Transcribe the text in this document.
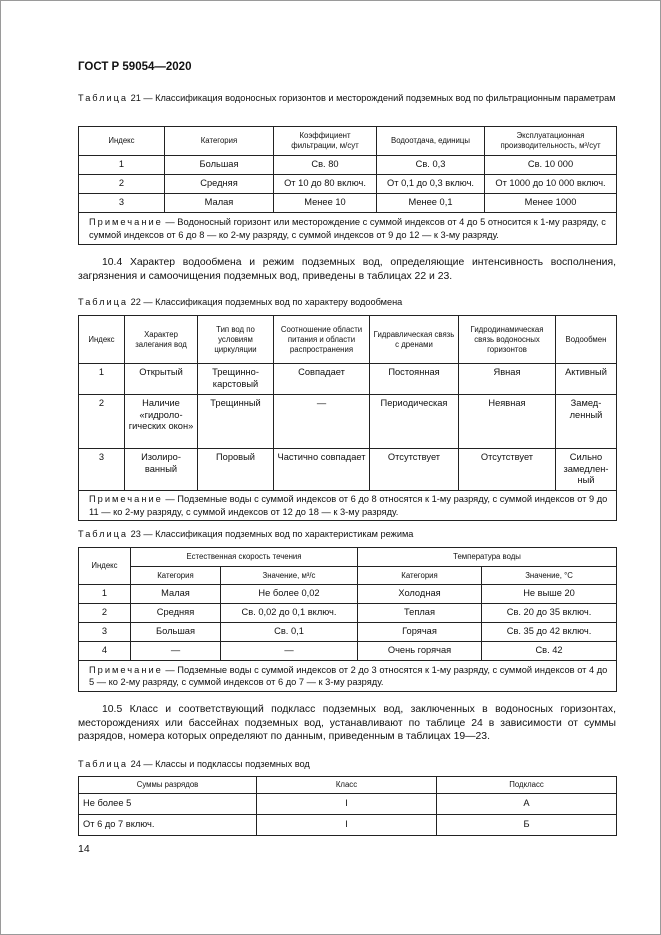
ГОСТ Р 59054—2020
Таблица 21 — Классификация водоносных горизонтов и месторождений подземных вод по фильтрационным параметрам
Индекс	Категория	Коэффициент фильтрации, м/сут	Водоотдача, единицы	Эксплуатационная производительность, м³/сут
1	Большая	Св. 80	Св. 0,3	Св. 10 000
2	Средняя	От 10 до 80 включ.	От 0,1 до 0,3 включ.	От 1000 до 10 000 включ.
3	Малая	Менее 10	Менее 0,1	Менее 1000
Примечание — Водоносный горизонт или месторождение с суммой индексов от 4 до 5 относится к 1-му разряду, с суммой индексов от 6 до 8 — ко 2-му разряду, с суммой индексов от 9 до 12 — к 3-му разряду.				
10.4 Характер водообмена и режим подземных вод, определяющие интенсивность восполнения, загрязнения и самоочищения подземных вод, приведены в таблицах 22 и 23.
Таблица 22 — Классификация подземных вод по характеру водообмена
Индекс	Характер залегания вод	Тип вод по условиям циркуляции	Соотношение области питания и области распространения	Гидравлическая связь с дренами	Гидродинамическая связь водоносных горизонтов	Водообмен
1	Открытый	Трещинно-карстовый	Совпадает	Постоянная	Явная	Активный
2	Наличие «гидроло-гических окон»	Трещинный	—	Периодическая	Неявная	Замед-ленный
3	Изолиро-ванный	Поровый	Частично совпадает	Отсутствует	Отсутствует	Сильно замедлен-ный
Примечание — Подземные воды с суммой индексов от 6 до 8 относятся к 1-му разряду, с суммой индексов от 9 до 11 — ко 2-му разряду, с суммой индексов от 12 до 18 — к 3-му разряду.						
Таблица 23 — Классификация подземных вод по характеристикам режима
Индекс	Естественная скорость течения		Температура воды	
	Категория	Значение, м³/с	Категория	Значение, °С
1	Малая	Не более 0,02	Холодная	Не выше 20
2	Средняя	Св. 0,02 до 0,1 включ.	Теплая	Св. 20 до 35 включ.
3	Большая	Св. 0,1	Горячая	Св. 35 до 42 включ.
4	—	—	Очень горячая	Св. 42
Примечание — Подземные воды с суммой индексов от 2 до 3 относятся к 1-му разряду, с суммой индексов от 4 до 5 — ко 2-му разряду, с суммой индексов от 6 до 7 — к 3-му разряду.				
10.5 Класс и соответствующий подкласс подземных вод, заключенных в водоносных горизонтах, месторождениях или бассейнах подземных вод, устанавливают по таблице 24 в зависимости от суммы разрядов, номера которых определяют по данным, приведенным в таблицах 19—23.
Таблица 24 — Классы и подклассы подземных вод
Суммы разрядов	Класс	Подкласс
Не более 5	I	А
От 6 до 7 включ.	I	Б
14
